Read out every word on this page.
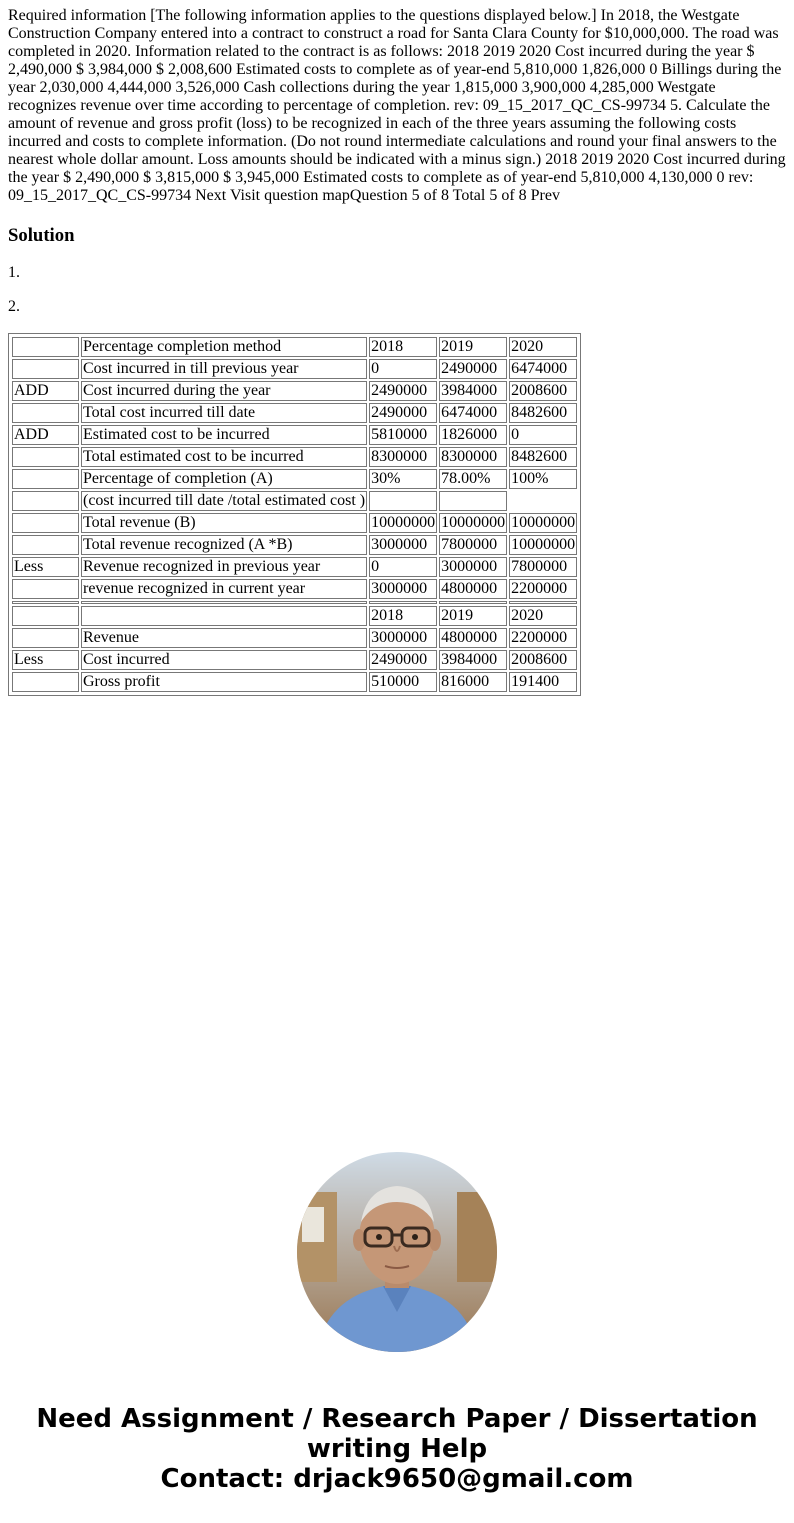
Required information [The following information applies to the questions displayed below.] In 2018, the Westgate Construction Company entered into a contract to construct a road for Santa Clara County for $10,000,000. The road was completed in 2020. Information related to the contract is as follows: 2018 2019 2020 Cost incurred during the year $ 2,490,000 $ 3,984,000 $ 2,008,600 Estimated costs to complete as of year-end 5,810,000 1,826,000 0 Billings during the year 2,030,000 4,444,000 3,526,000 Cash collections during the year 1,815,000 3,900,000 4,285,000 Westgate recognizes revenue over time according to percentage of completion. rev: 09_15_2017_QC_CS-99734 5. Calculate the amount of revenue and gross profit (loss) to be recognized in each of the three years assuming the following costs incurred and costs to complete information. (Do not round intermediate calculations and round your final answers to the nearest whole dollar amount. Loss amounts should be indicated with a minus sign.) 2018 2019 2020 Cost incurred during the year $ 2,490,000 $ 3,815,000 $ 3,945,000 Estimated costs to complete as of year-end 5,810,000 4,130,000 0 rev: 09_15_2017_QC_CS-99734 Next Visit question mapQuestion 5 of 8 Total 5 of 8 Prev

Solution

1.

2.

	Percentage completion method	2018	2019	2020
	Cost incurred in till previous year	0	2490000	6474000
ADD	Cost incurred during the year	2490000	3984000	2008600
	Total cost incurred till date	2490000	6474000	8482600
ADD	Estimated cost to be incurred	5810000	1826000	0
	Total estimated cost to be incurred	8300000	8300000	8482600
	Percentage of completion (A)	30%	78.00%	100%
	(cost incurred till date /total estimated cost )			
	Total revenue (B)	10000000	10000000	10000000
	Total revenue recognized (A *B)	3000000	7800000	10000000
Less	Revenue recognized in previous year	0	3000000	7800000
	revenue recognized in current year	3000000	4800000	2200000

		2018	2019	2020
	Revenue	3000000	4800000	2200000
Less	Cost incurred	2490000	3984000	2008600
	Gross profit	510000	816000	191400
Need Assignment / Research Paper / Dissertation
writing Help
Contact: drjack9650@gmail.com
